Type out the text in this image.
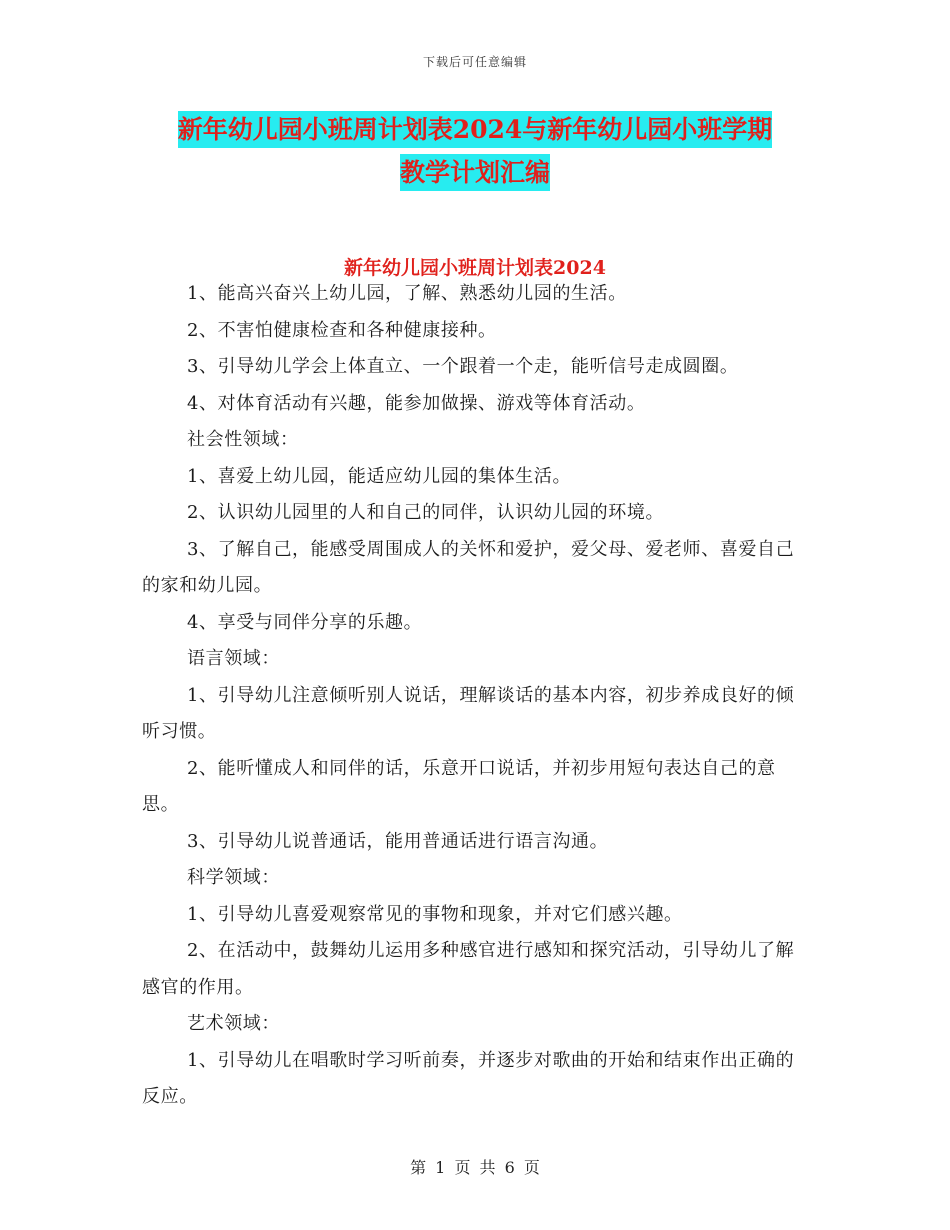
下载后可任意编辑
新年幼儿园小班周计划表2024与新年幼儿园小班学期
教学计划汇编
新年幼儿园小班周计划表2024

1、能高兴奋兴上幼儿园，了解、熟悉幼儿园的生活。

2、不害怕健康检查和各种健康接种。

3、引导幼儿学会上体直立、一个跟着一个走，能听信号走成圆圈。

4、对体育活动有兴趣，能参加做操、游戏等体育活动。

社会性领域：

1、喜爱上幼儿园，能适应幼儿园的集体生活。

2、认识幼儿园里的人和自己的同伴，认识幼儿园的环境。

3、了解自己，能感受周围成人的关怀和爱护，爱父母、爱老师、喜爱自己的家和幼儿园。

4、享受与同伴分享的乐趣。

语言领域：

1、引导幼儿注意倾听别人说话，理解谈话的基本内容，初步养成良好的倾听习惯。

2、能听懂成人和同伴的话，乐意开口说话，并初步用短句表达自己的意思。

3、引导幼儿说普通话，能用普通话进行语言沟通。

科学领域：

1、引导幼儿喜爱观察常见的事物和现象，并对它们感兴趣。

2、在活动中，鼓舞幼儿运用多种感官进行感知和探究活动，引导幼儿了解感官的作用。

艺术领域：

1、引导幼儿在唱歌时学习听前奏，并逐步对歌曲的开始和结束作出正确的反应。

第 1 页 共 6 页
